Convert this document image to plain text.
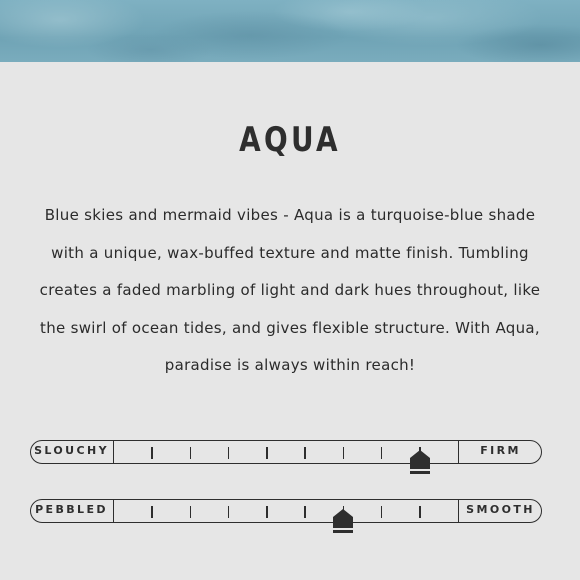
AQUA

Blue skies and mermaid vibes - Aqua is a turquoise-blue shade with a unique, wax-buffed texture and matte finish. Tumbling creates a faded marbling of light and dark hues throughout, like the swirl of ocean tides, and gives flexible structure. With Aqua, paradise is always within reach!

SLOUCHY	FIRM
PEBBLED	SMOOTH
